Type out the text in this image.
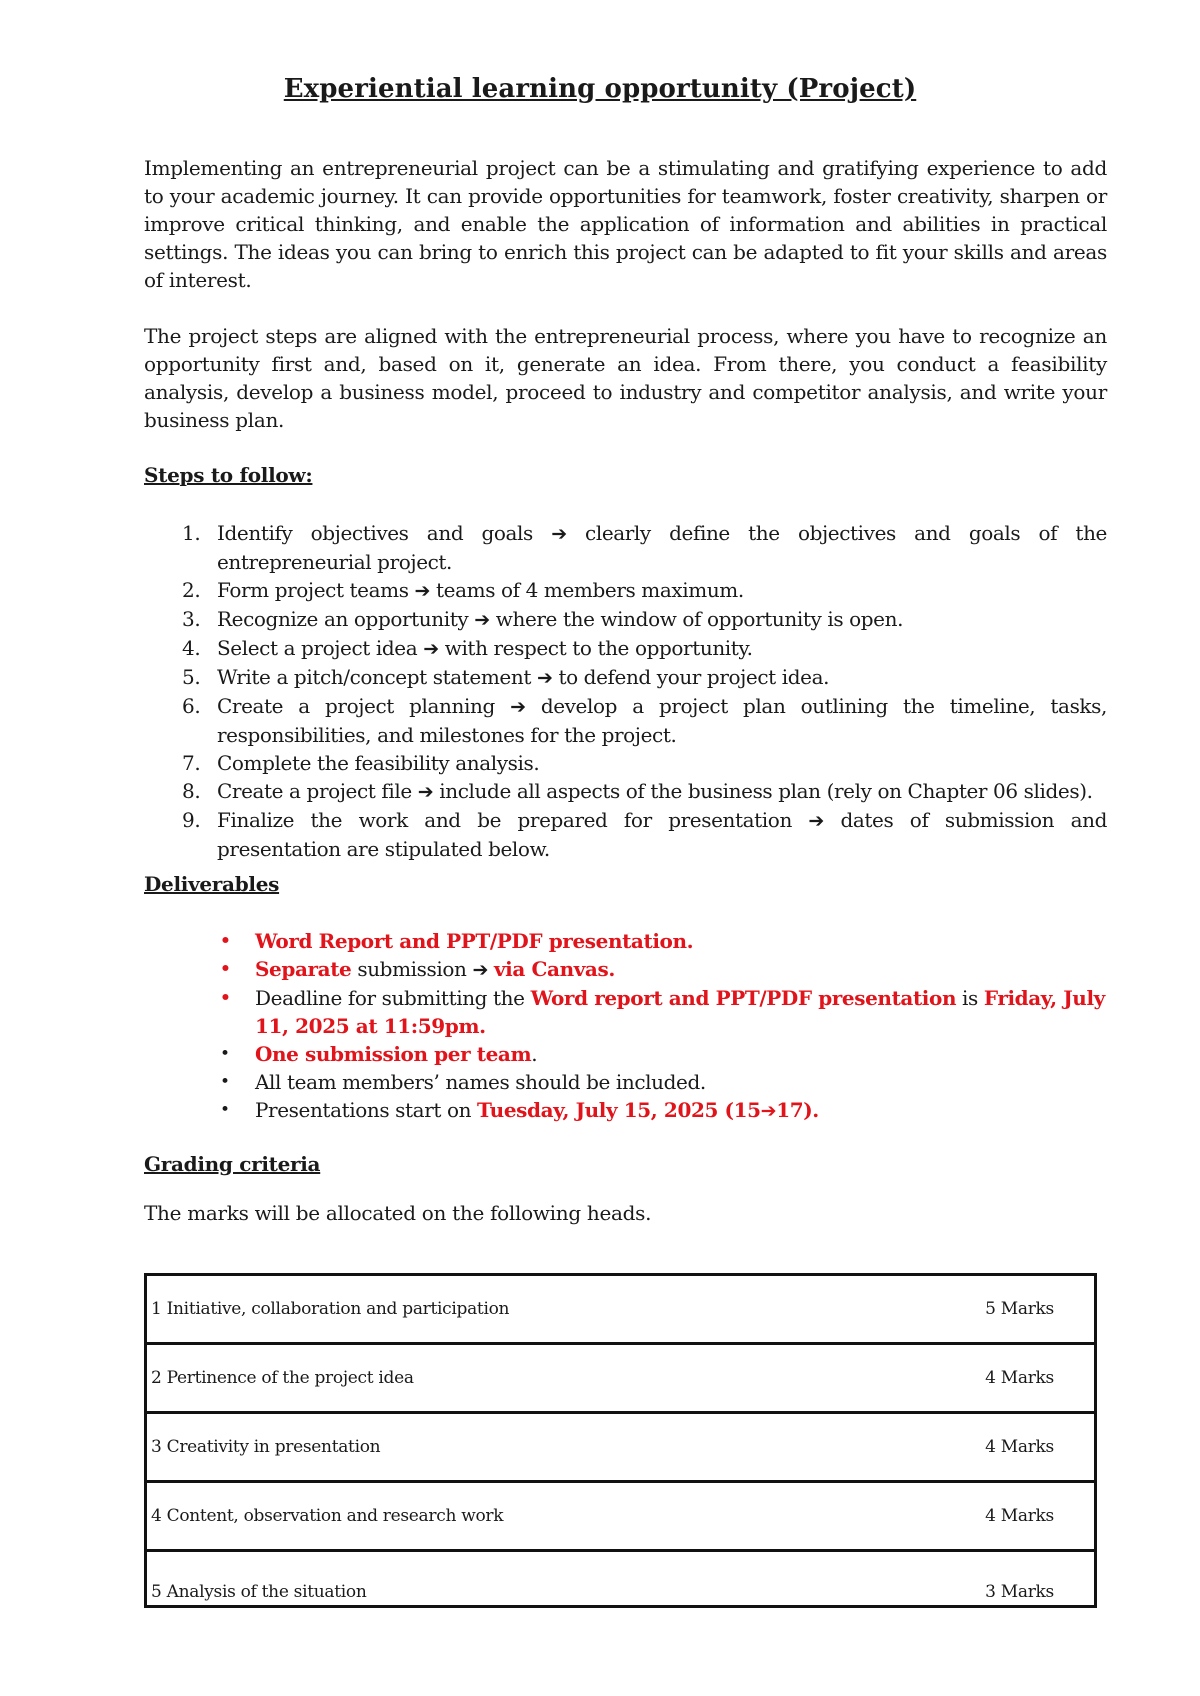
Experiential learning opportunity (Project)

Implementing an entrepreneurial project can be a stimulating and gratifying experience to add to your academic journey. It can provide opportunities for teamwork, foster creativity, sharpen or improve critical thinking, and enable the application of information and abilities in practical settings. The ideas you can bring to enrich this project can be adapted to fit your skills and areas of interest.

The project steps are aligned with the entrepreneurial process, where you have to recognize an opportunity first and, based on it, generate an idea. From there, you conduct a feasibility analysis, develop a business model, proceed to industry and competitor analysis, and write your business plan.

Steps to follow:

1. Identify objectives and goals ➔ clearly define the objectives and goals of the entrepreneurial project.
2. Form project teams ➔ teams of 4 members maximum.
3. Recognize an opportunity ➔ where the window of opportunity is open.
4. Select a project idea ➔ with respect to the opportunity.
5. Write a pitch/concept statement ➔ to defend your project idea.
6. Create a project planning ➔ develop a project plan outlining the timeline, tasks, responsibilities, and milestones for the project.
7. Complete the feasibility analysis.
8. Create a project file ➔ include all aspects of the business plan (rely on Chapter 06 slides).
9. Finalize the work and be prepared for presentation ➔ dates of submission and presentation are stipulated below.

Deliverables

• Word Report and PPT/PDF presentation.
• Separate submission ➔ via Canvas.
• Deadline for submitting the Word report and PPT/PDF presentation is Friday, July 11, 2025 at 11:59pm.
• One submission per team.
• All team members’ names should be included.
• Presentations start on Tuesday, July 15, 2025 (15➔17).

Grading criteria

The marks will be allocated on the following heads.

1 Initiative, collaboration and participation	5 Marks
2 Pertinence of the project idea	4 Marks
3 Creativity in presentation	4 Marks
4 Content, observation and research work	4 Marks
5 Analysis of the situation	3 Marks
